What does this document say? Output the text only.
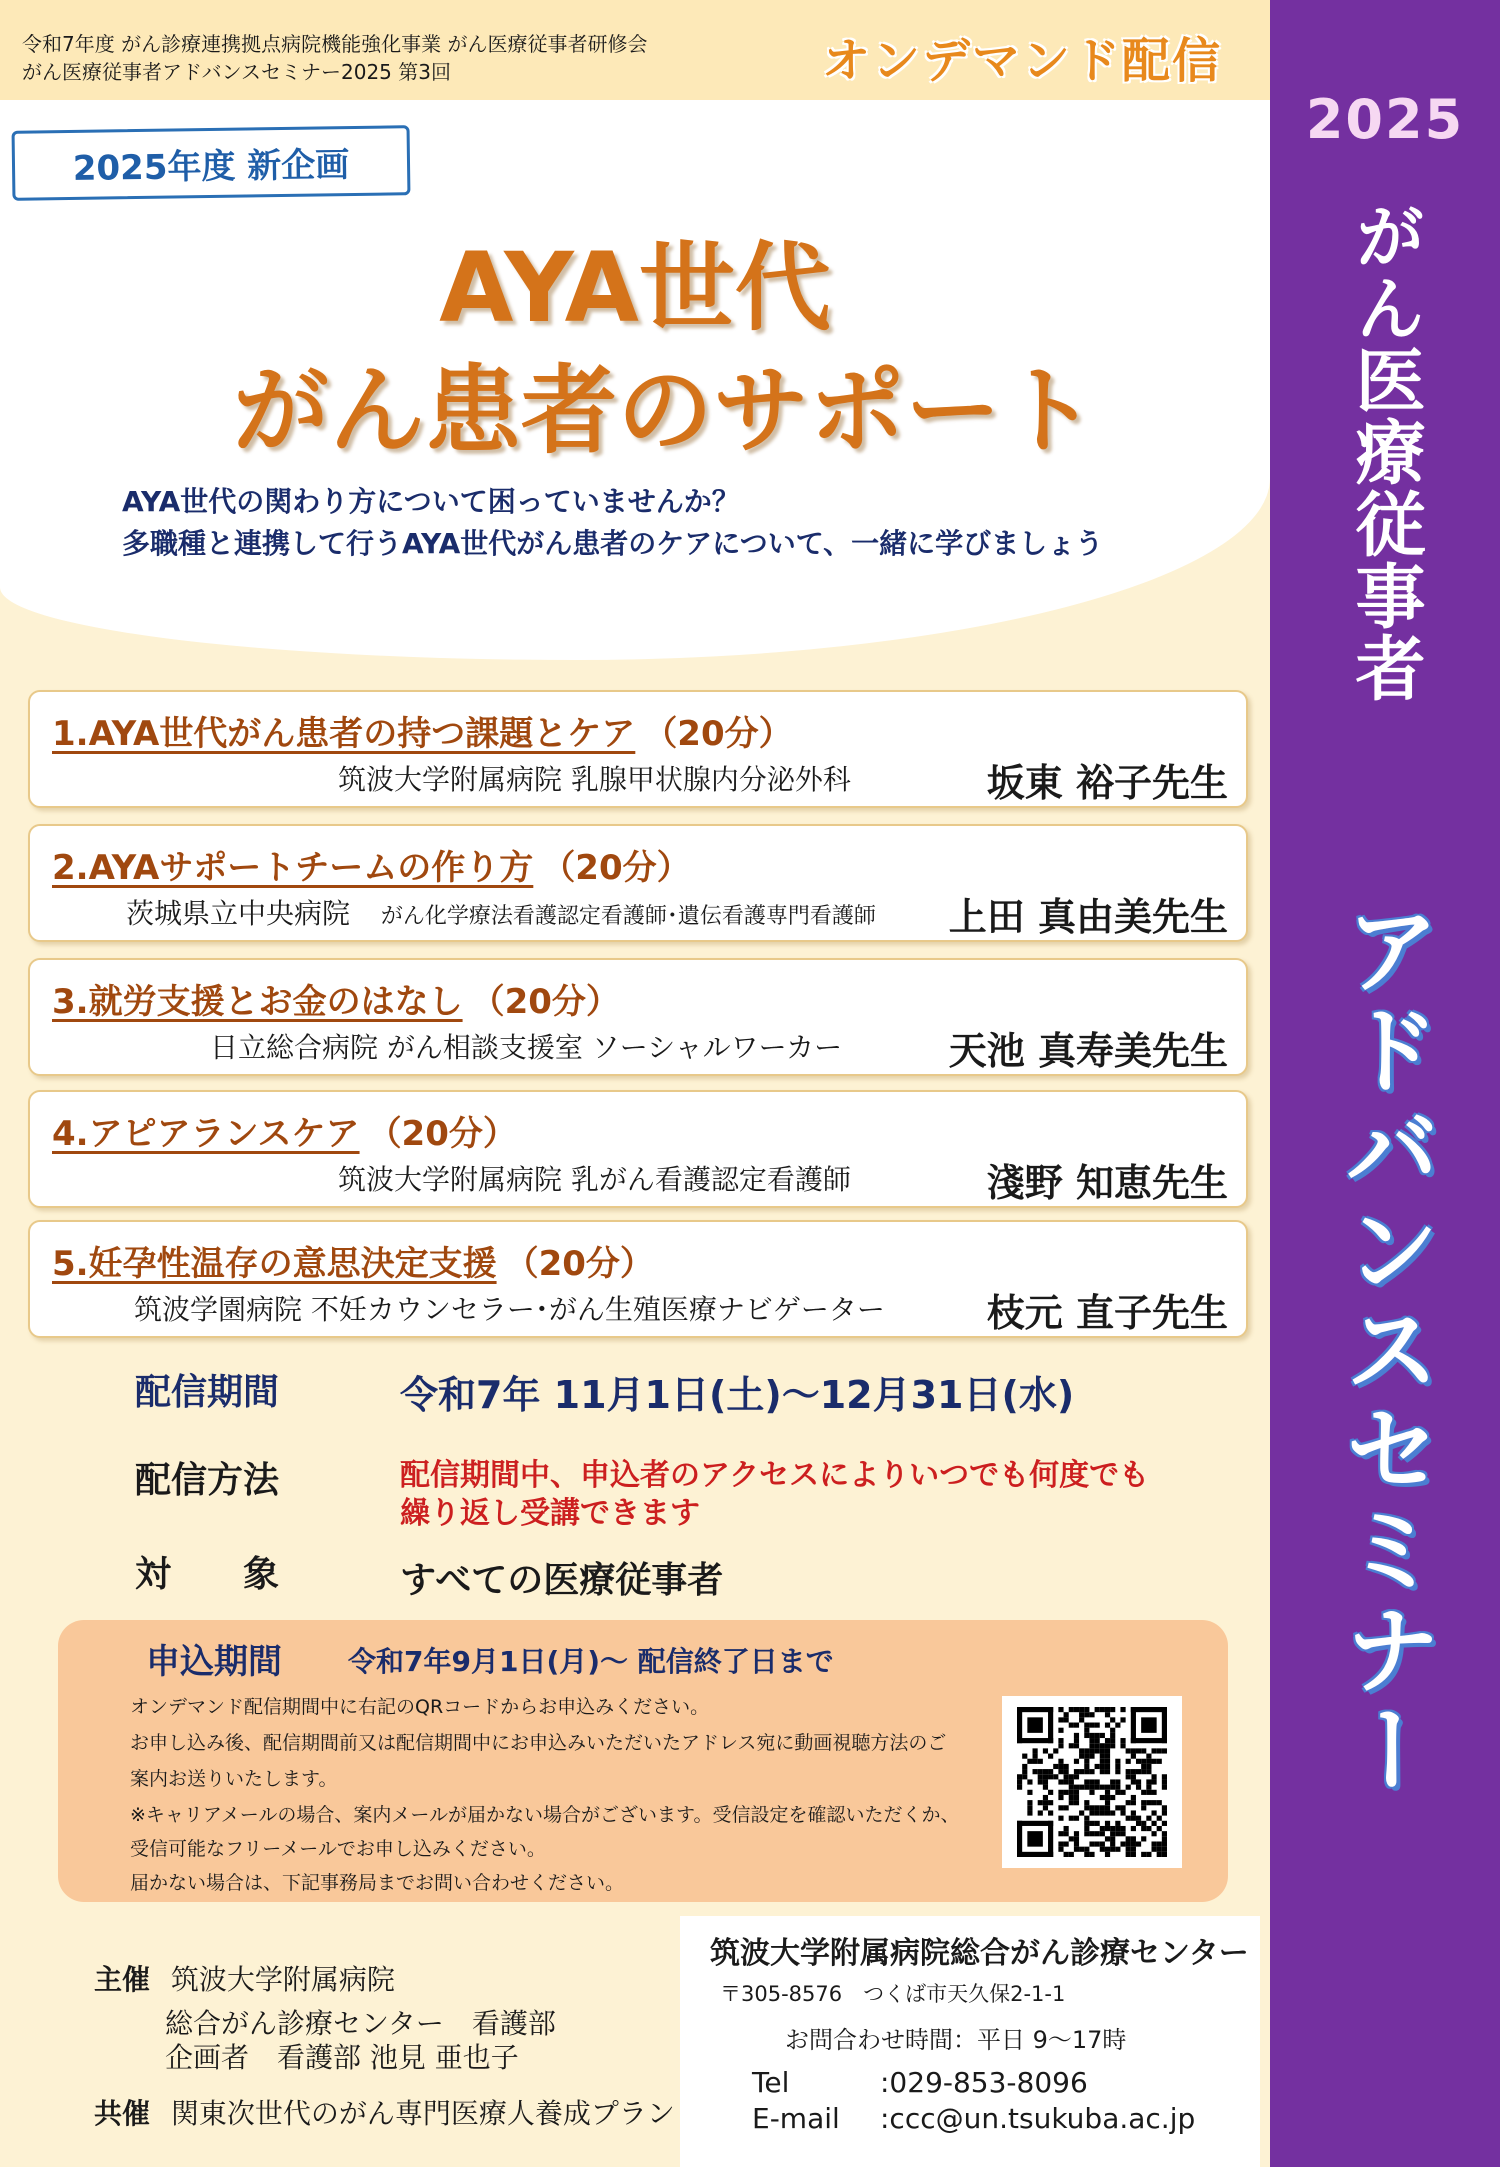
令和7年度 がん診療連携拠点病院機能強化事業 がん医療従事者研修会
がん医療従事者アドバンスセミナー2025 第3回	オンデマンド配信
2025年度 新企画
AYA世代
がん患者のサポート
AYA世代の関わり方について困っていませんか？
多職種と連携して行うAYA世代がん患者のケアについて、一緒に学びましょう
1.AYA世代がん患者の持つ課題とケア （20分）
筑波大学附属病院 乳腺甲状腺内分泌外科	坂東 裕子先生
2.AYAサポートチームの作り方 （20分）
茨城県立中央病院 がん化学療法看護認定看護師･遺伝看護専門看護師 上田 真由美先生
3.就労支援とお金のはなし （20分）
日立総合病院 がん相談支援室 ソーシャルワーカー	天池 真寿美先生
4.アピアランスケア （20分）
筑波大学附属病院 乳がん看護認定看護師	淺野 知恵先生
5.妊孕性温存の意思決定支援 （20分）
筑波学園病院 不妊カウンセラー･がん生殖医療ナビゲーター	枝元 直子先生
配信期間	令和7年 11月1日(土)～12月31日(水)
配信方法	配信期間中、申込者のアクセスによりいつでも何度でも
繰り返し受講できます
対　　象	すべての医療従事者
申込期間 令和7年9月1日(月)～ 配信終了日まで
オンデマンド配信期間中に右記のQRコードからお申込みください。
お申し込み後、配信期間前又は配信期間中にお申込みいただいたアドレス宛に動画視聴方法のご
案内お送りいたします。
※キャリアメールの場合、案内メールが届かない場合がございます。受信設定を確認いただくか、
受信可能なフリーメールでお申し込みください。
届かない場合は、下記事務局までお問い合わせください。
主催 筑波大学附属病院
総合がん診療センター　看護部
企画者　看護部 池見 亜也子
共催 関東次世代のがん専門医療人養成プラン
筑波大学附属病院総合がん診療センター
〒305-8576　つくば市天久保2-1-1
お問合わせ時間：平日 9～17時
Tel	:029-853-8096
E-mail :ccc@un.tsukuba.ac.jp
2025
がん医療従事者
アドバンスセミナー
